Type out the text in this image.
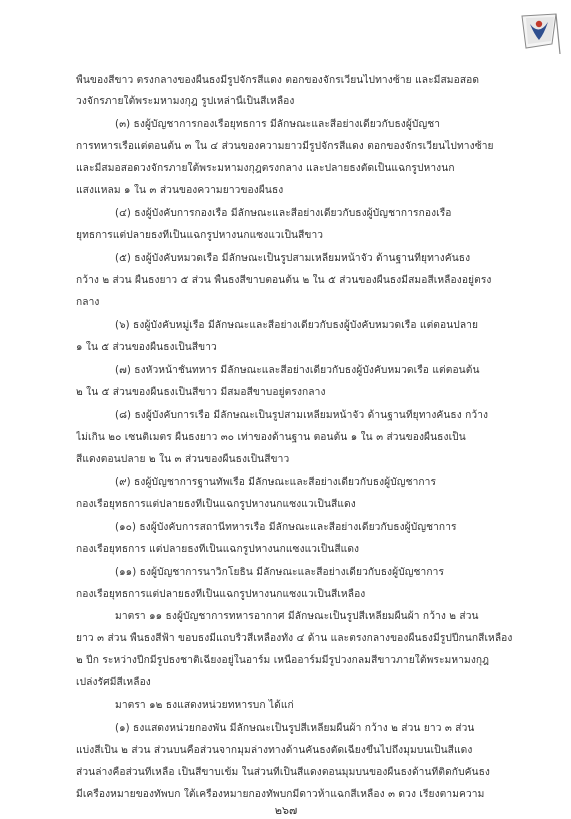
พื้นของสีขาว ตรงกลางของผืนธงมีรูปจักรสีแดง ตอกของจักรเวียนไปทางซ้าย และมีสมอสอด
วงจักรภายใต้พระมหามงกุฎ รูปเหล่านี้เป็นสีเหลือง
(๓) ธงผู้บัญชาการกองเรือยุทธการ มีลักษณะและสีอย่างเดียวกับธงผู้บัญชา
การทหารเรือแต่ตอนต้น ๓ ใน ๔ ส่วนของความยาวมีรูปจักรสีแดง ตอกของจักรเวียนไปทางซ้าย
และมีสมอสอดวงจักรภายใต้พระมหามงกุฎตรงกลาง และปลายธงตัดเป็นแฉกรูปหางนก
แสงแหลม ๑ ใน ๓ ส่วนของความยาวของผืนธง
(๔) ธงผู้บังคับการกองเรือ มีลักษณะและสีอย่างเดียวกับธงผู้บัญชาการกองเรือ
ยุทธการแต่ปลายธงที่เป็นแฉกรูปหางนกแซงแวเป็นสีขาว
(๕) ธงผู้บังคับหมวดเรือ มีลักษณะเป็นรูปสามเหลี่ยมหน้าจั่ว ด้านฐานที่ยุทางคันธง
กว้าง ๒ ส่วน ผืนธงยาว ๕ ส่วน พื้นธงสีขาบตอนต้น ๒ ใน ๕ ส่วนของผืนธงมีสมอสีเหลืองอยู่ตรง
กลาง
(๖) ธงผู้บังคับหมู่เรือ มีลักษณะและสีอย่างเดียวกับธงผู้บังคับหมวดเรือ แต่ตอนปลาย
๑ ใน ๕ ส่วนของผืนธงเป็นสีขาว
(๗) ธงหัวหน้าชั้นทหาร มีลักษณะและสีอย่างเดียวกับธงผู้บังคับหมวดเรือ แต่ตอนต้น
๒ ใน ๕ ส่วนของผืนธงเป็นสีขาว มีสมอสีขาบอยู่ตรงกลาง
(๘) ธงผู้บังคับการเรือ มีลักษณะเป็นรูปสามเหลี่ยมหน้าจั่ว ด้านฐานที่ยุทางคันธง กว้าง
ไม่เกิน ๒๐ เซนติเมตร ผืนธงยาว ๓๐ เท่าของด้านฐาน ตอนต้น ๑ ใน ๓ ส่วนของผืนธงเป็น
สีแดงตอนปลาย ๒ ใน ๓ ส่วนของผืนธงเป็นสีขาว
(๙) ธงผู้บัญชาการฐานทัพเรือ มีลักษณะและสีอย่างเดียวกับธงผู้บัญชาการ
กองเรือยุทธการแต่ปลายธงที่เป็นแฉกรูปหางนกแซงแวเป็นสีแดง
(๑๐) ธงผู้บังคับการสถานีทหารเรือ มีลักษณะและสีอย่างเดียวกับธงผู้บัญชาการ
กองเรือยุทธการ แต่ปลายธงที่เป็นแฉกรูปหางนกแซงแวเป็นสีแดง
(๑๑) ธงผู้บัญชาการนาวิกโยธิน มีลักษณะและสีอย่างเดียวกับธงผู้บัญชาการ
กองเรือยุทธการแต่ปลายธงที่เป็นแฉกรูปหางนกแซงแวเป็นสีเหลือง
มาตรา ๑๑ ธงผู้บัญชาการทหารอากาศ มีลักษณะเป็นรูปสี่เหลี่ยมผืนผ้า กว้าง ๒ ส่วน
ยาว ๓ ส่วน พื้นธงสีฟ้า ขอบธงมีแถบริ้วสีเหลืองทั้ง ๔ ด้าน และตรงกลางของผืนธงมีรูปปีกนกสีเหลือง
๒ ปีก ระหว่างปีกมีรูปธงชาติเฉียงอยู่ในอาร์ม เหนืออาร์มมีรูปวงกลมสีขาวภายใต้พระมหามงกุฎ
เปล่งรัศมีสีเหลือง
มาตรา ๑๒ ธงแสดงหน่วยทหารบก ได้แก่
(๑) ธงแสดงหน่วยกองพัน มีลักษณะเป็นรูปสี่เหลี่ยมผืนผ้า กว้าง ๒ ส่วน ยาว ๓ ส่วน
แบ่งสีเป็น ๒ ส่วน ส่วนบนคือส่วนจากมุมล่างทางด้านคันธงตัดเฉียงขึ้นไปถึงมุมบนเป็นสีแดง
ส่วนล่างคือส่วนที่เหลือ เป็นสีขาบเข้ม ในส่วนที่เป็นสีแดงตอนมุมบนของผืนธงด้านที่ติดกับคันธง
มีเครื่องหมายของทัพบก ใต้เครื่องหมายกองทัพบกมีดาวห้าแฉกสีเหลือง ๓ ดวง เรียงตามความ
๒๖๗
